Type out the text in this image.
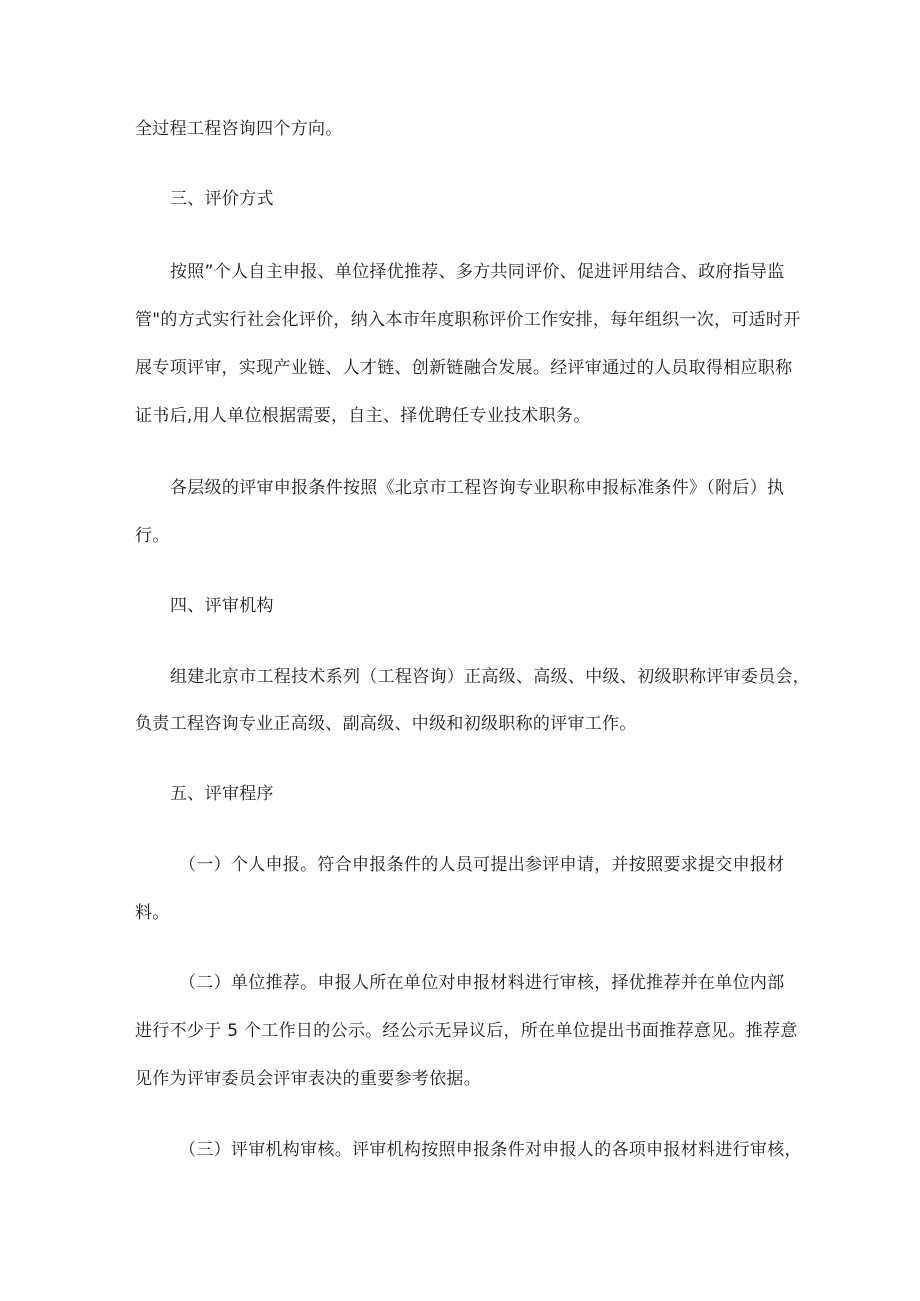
全过程工程咨询四个方向。
三、评价方式
按照”个人自主申报、单位择优推荐、多方共同评价、促进评用结合、政府指导监
管"的方式实行社会化评价，纳入本市年度职称评价工作安排，每年组织一次，可适时开
展专项评审，实现产业链、人才链、创新链融合发展。经评审通过的人员取得相应职称
证书后,用人单位根据需要，自主、择优聘任专业技术职务。
各层级的评审申报条件按照《北京市工程咨询专业职称申报标准条件》（附后）执
行。
四、评审机构
组建北京市工程技术系列（工程咨询）正高级、高级、中级、初级职称评审委员会，
负责工程咨询专业正高级、副高级、中级和初级职称的评审工作。
五、评审程序
（一）个人申报。符合申报条件的人员可提出参评申请，并按照要求提交申报材
料。
（二）单位推荐。申报人所在单位对申报材料进行审核，择优推荐并在单位内部
进行不少于 5 个工作日的公示。经公示无异议后，所在单位提出书面推荐意见。推荐意
见作为评审委员会评审表决的重要参考依据。
（三）评审机构审核。评审机构按照申报条件对申报人的各项申报材料进行审核，
